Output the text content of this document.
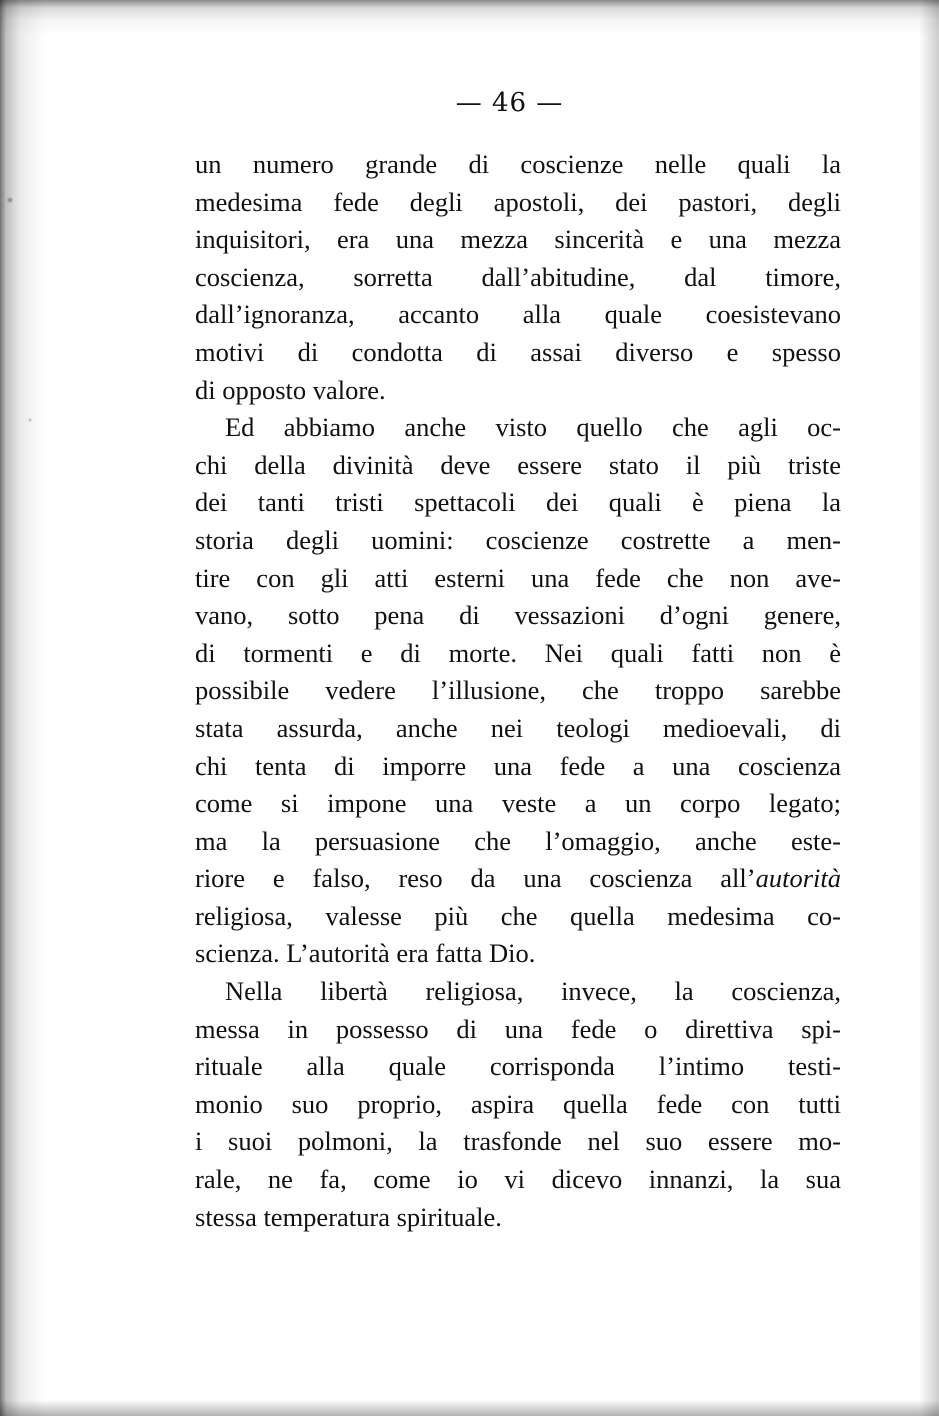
— 46 —
un numero grande di coscienze nelle quali la
medesima fede degli apostoli, dei pastori, degli
inquisitori, era una mezza sincerità e una mezza
coscienza, sorretta dall’abitudine, dal timore,
dall’ignoranza, accanto alla quale coesistevano
motivi di condotta di assai diverso e spesso
di opposto valore.
Ed abbiamo anche visto quello che agli oc-
chi della divinità deve essere stato il più triste
dei tanti tristi spettacoli dei quali è piena la
storia degli uomini: coscienze costrette a men-
tire con gli atti esterni una fede che non ave-
vano, sotto pena di vessazioni d’ogni genere,
di tormenti e di morte. Nei quali fatti non è
possibile vedere l’illusione, che troppo sarebbe
stata assurda, anche nei teologi medioevali, di
chi tenta di imporre una fede a una coscienza
come si impone una veste a un corpo legato;
ma la persuasione che l’omaggio, anche este-
riore e falso, reso da una coscienza all’autorità
religiosa, valesse più che quella medesima co-
scienza. L’autorità era fatta Dio.
Nella libertà religiosa, invece, la coscienza,
messa in possesso di una fede o direttiva spi-
rituale alla quale corrisponda l’intimo testi-
monio suo proprio, aspira quella fede con tutti
i suoi polmoni, la trasfonde nel suo essere mo-
rale, ne fa, come io vi dicevo innanzi, la sua
stessa temperatura spirituale.
